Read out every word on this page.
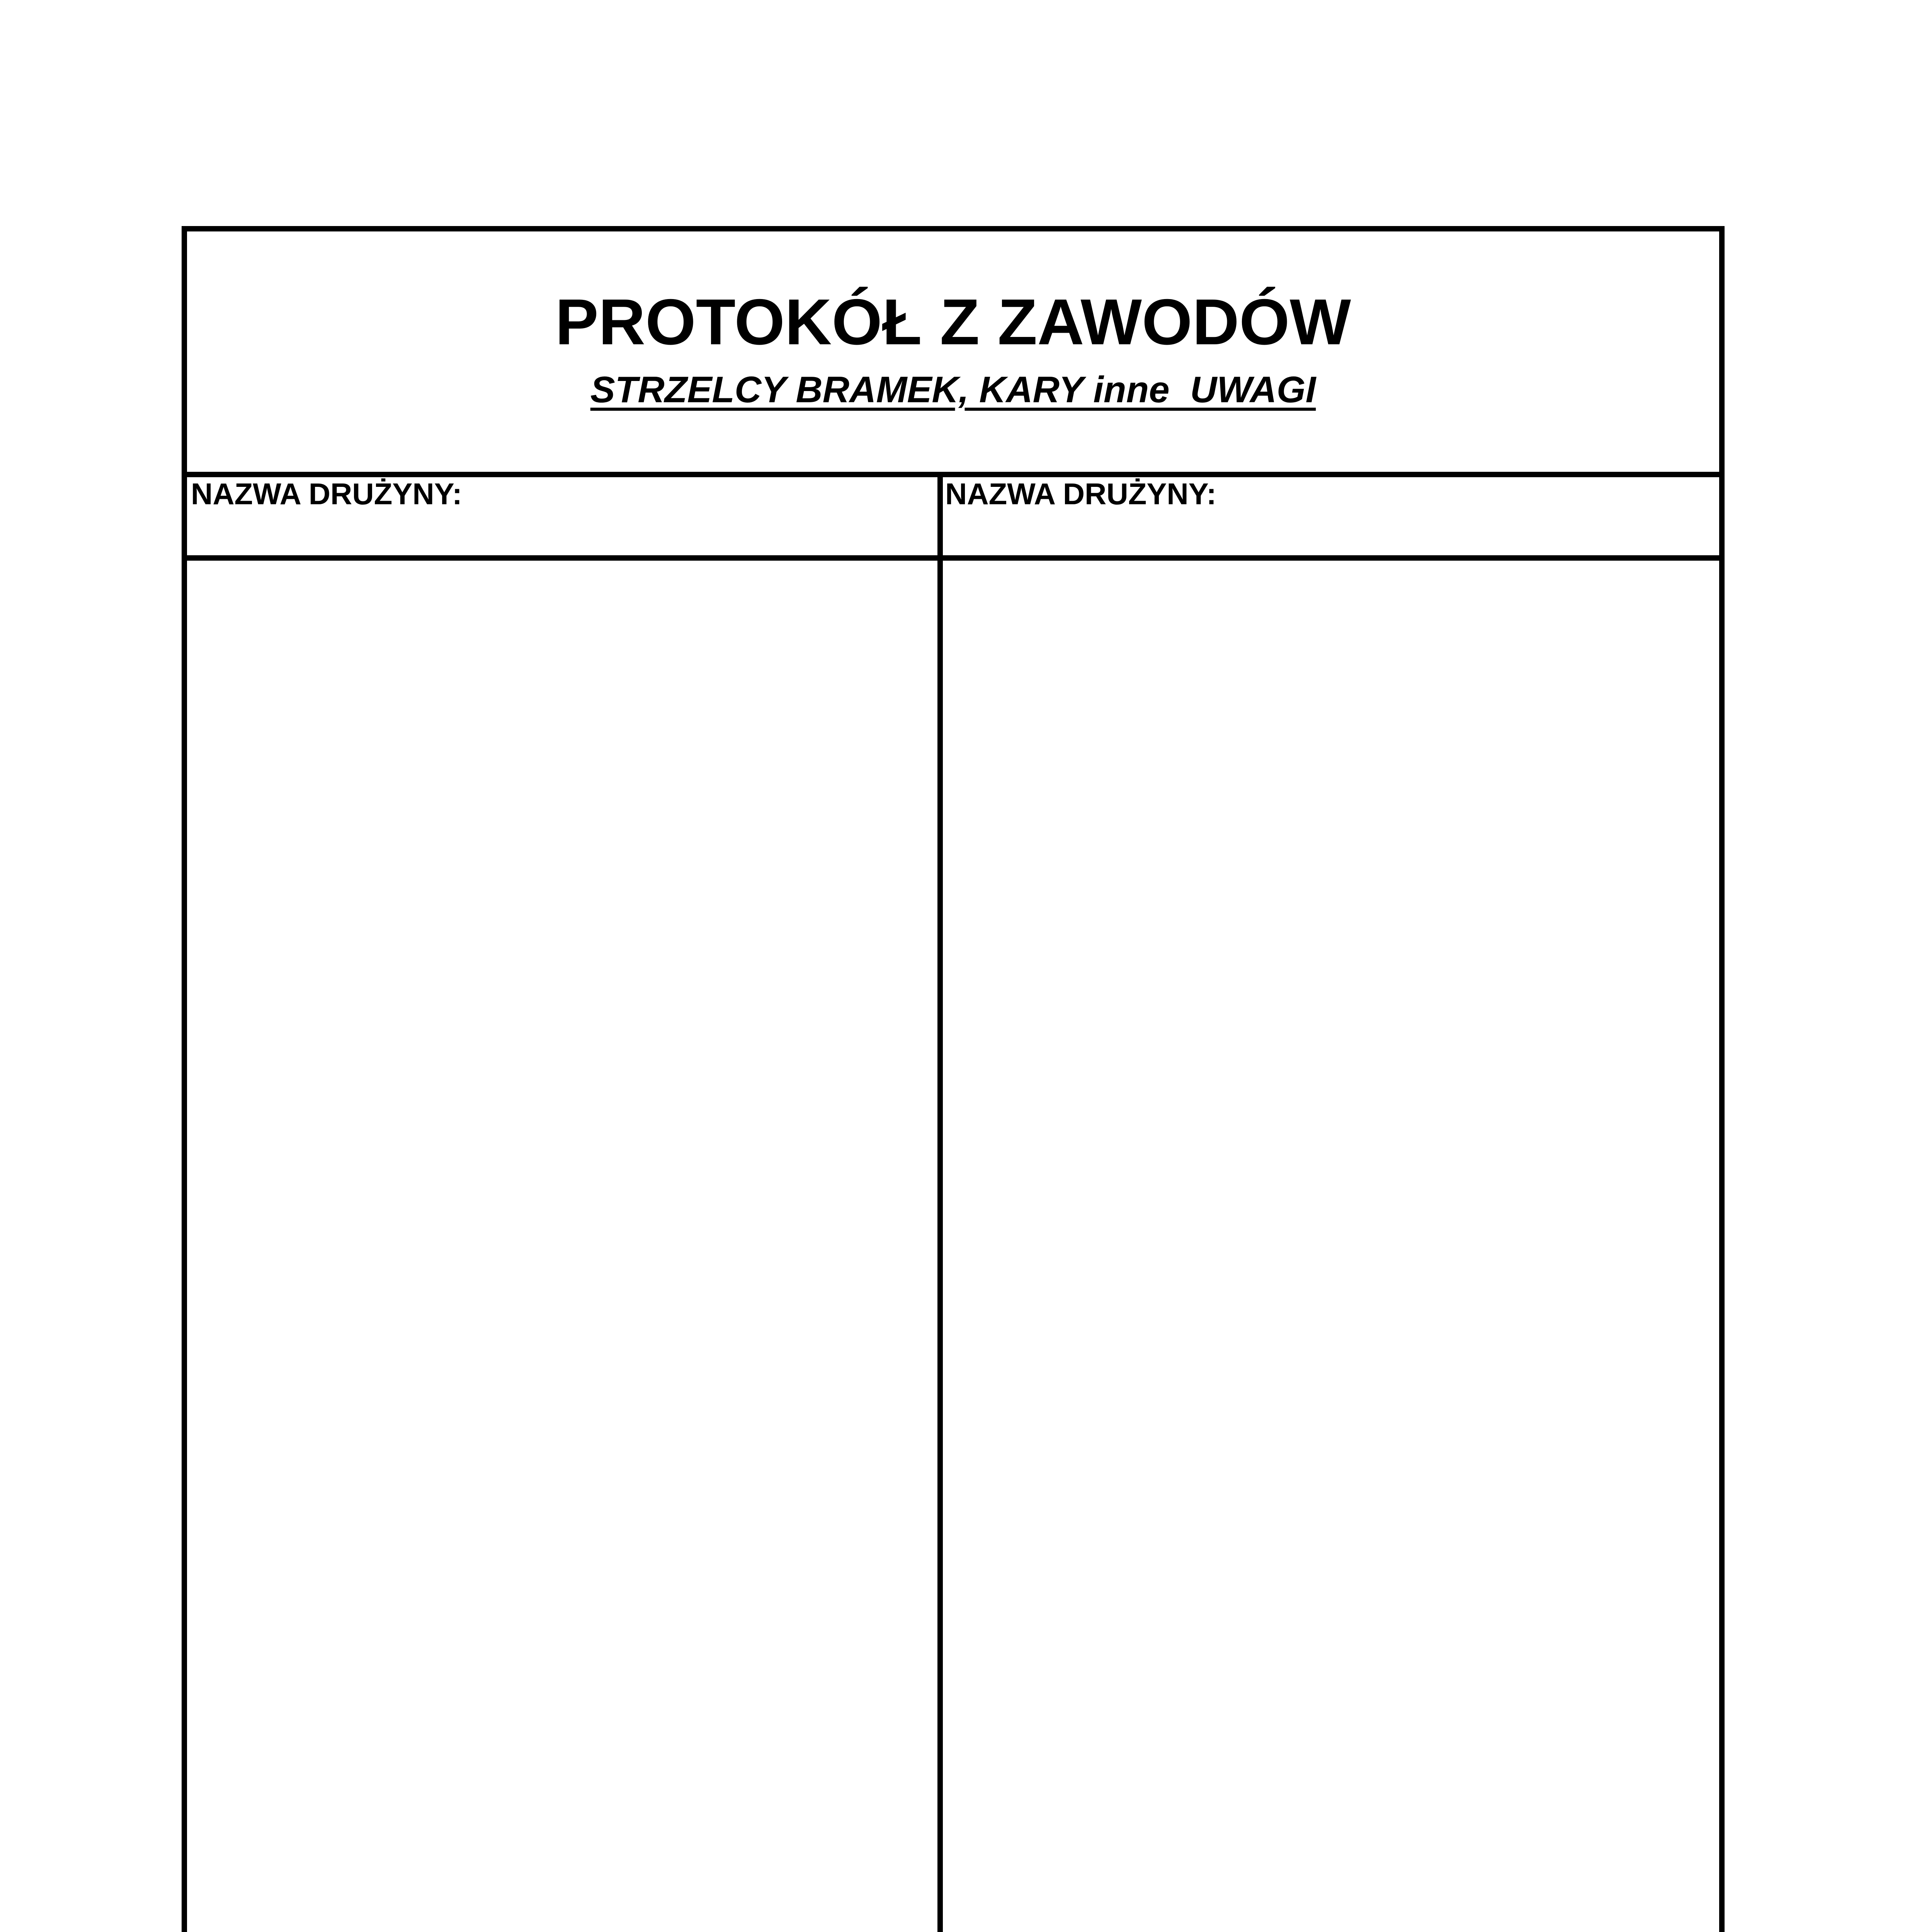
PROTOKÓŁ Z ZAWODÓW
STRZELCY BRAMEK, KARY inne  UWAGI
NAZWA DRUŻYNY:	NAZWA DRUŻYNY:
